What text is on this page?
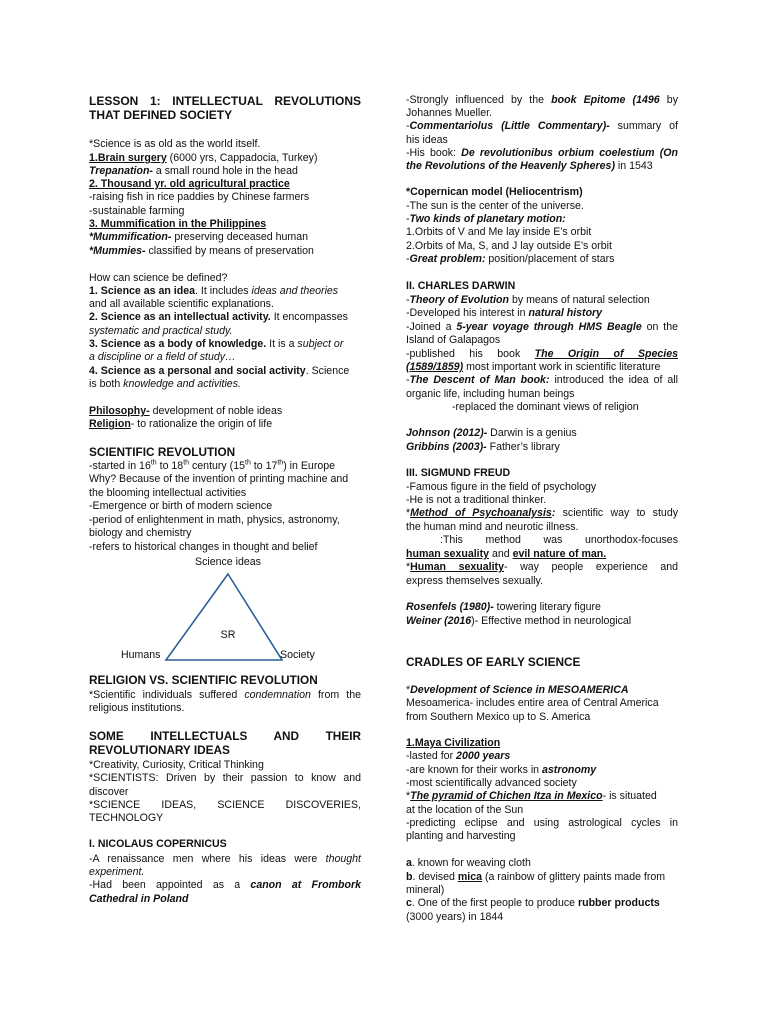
LESSON 1: INTELLECTUAL REVOLUTIONS
THAT DEFINED SOCIETY
*Science is as old as the world itself.
1.Brain surgery (6000 yrs, Cappadocia, Turkey)
Trepanation- a small round hole in the head
2. Thousand yr. old agricultural practice
-raising fish in rice paddies by Chinese farmers
-sustainable farming
3. Mummification in the Philippines
*Mummification- preserving deceased human
*Mummies- classified by means of preservation
How can science be defined?
1. Science as an idea. It includes ideas and theories
and all available scientific explanations.
2. Science as an intellectual activity. It encompasses
systematic and practical study.
3. Science as a body of knowledge. It is a subject or
a discipline or a field of study…
4. Science as a personal and social activity. Science
is both knowledge and activities.
Philosophy- development of noble ideas
Religion- to rationalize the origin of life
SCIENTIFIC REVOLUTION
-started in 16th to 18th century (15th to 17th) in Europe
Why? Because of the invention of printing machine and
the blooming intellectual activities
-Emergence or birth of modern science
-period of enlightenment in math, physics, astronomy,
biology and chemistry
-refers to historical changes in thought and belief
Science ideas
SR
Humans	Society
RELIGION VS. SCIENTIFIC REVOLUTION
*Scientific individuals suffered condemnation from the
religious institutions.
SOME INTELLECTUALS AND THEIR
REVOLUTIONARY IDEAS
*Creativity, Curiosity, Critical Thinking
*SCIENTISTS: Driven by their passion to know and
discover
*SCIENCE IDEAS, SCIENCE DISCOVERIES,
TECHNOLOGY
I. NICOLAUS COPERNICUS
-A renaissance men where his ideas were thought
experiment.
-Had been appointed as a canon at Frombork
Cathedral in Poland
-Strongly influenced by the book Epitome (1496 by
Johannes Mueller.
-Commentariolus (Little Commentary)- summary of
his ideas
-His book: De revolutionibus orbium coelestium (On
the Revolutions of the Heavenly Spheres) in 1543
*Copernican model (Heliocentrism)
-The sun is the center of the universe.
-Two kinds of planetary motion:
1.Orbits of V and Me lay inside E’s orbit
2.Orbits of Ma, S, and J lay outside E’s orbit
-Great problem: position/placement of stars
II. CHARLES DARWIN
-Theory of Evolution by means of natural selection
-Developed his interest in natural history
-Joined a 5-year voyage through HMS Beagle on the
Island of Galapagos
-published his book The Origin of Species
(1589/1859) most important work in scientific literature
-The Descent of Man book: introduced the idea of all
organic life, including human beings
-replaced the dominant views of religion
Johnson (2012)- Darwin is a genius
Gribbins (2003)- Father’s library
III. SIGMUND FREUD
-Famous figure in the field of psychology
-He is not a traditional thinker.
*Method of Psychoanalysis: scientific way to study
the human mind and neurotic illness.
:This method was unorthodox-focuses
human sexuality and evil nature of man.
*Human sexuality- way people experience and
express themselves sexually.
Rosenfels (1980)- towering literary figure
Weiner (2016)- Effective method in neurological
CRADLES OF EARLY SCIENCE
*Development of Science in MESOAMERICA
Mesoamerica- includes entire area of Central America
from Southern Mexico up to S. America
1.Maya Civilization
-lasted for 2000 years
-are known for their works in astronomy
-most scientifically advanced society
*The pyramid of Chichen Itza in Mexico- is situated
at the location of the Sun
-predicting eclipse and using astrological cycles in
planting and harvesting
a. known for weaving cloth
b. devised mica (a rainbow of glittery paints made from
mineral)
c. One of the first people to produce rubber products
(3000 years) in 1844
